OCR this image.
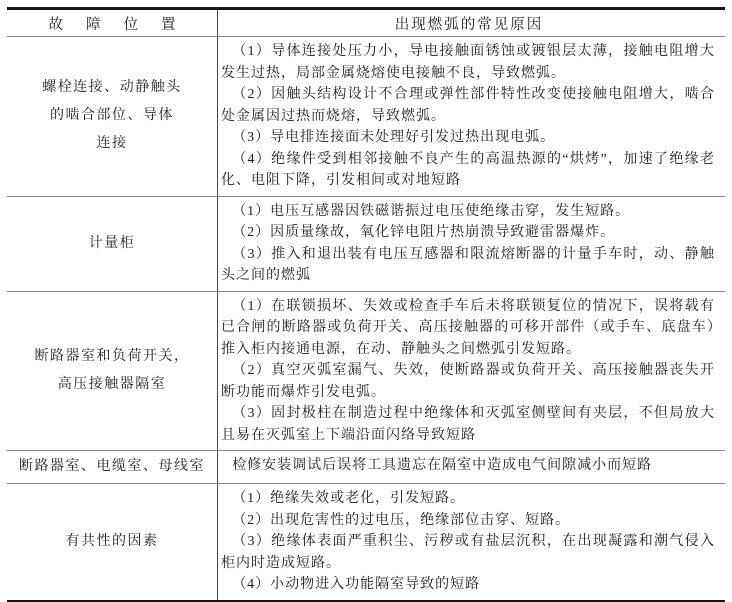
故障位置	出现燃弧的常见原因
螺栓连接、动静触头
的啮合部位、导体
连接

（1）导体连接处压力小，导电接触面锈蚀或镀银层太薄，接触电阻增大发生过热，局部金属烧熔使电接触不良，导致燃弧。

（2）因触头结构设计不合理或弹性部件特性改变使接触电阻增大，啮合处金属因过热而烧熔，导致燃弧。

（3）导电排连接面未处理好引发过热出现电弧。

（4）绝缘件受到相邻接触不良产生的高温热源的“烘烤”，加速了绝缘老化、电阻下降，引发相间或对地短路

计量柜

（1）电压互感器因铁磁谐振过电压使绝缘击穿，发生短路。

（2）因质量缘故，氧化锌电阻片热崩溃导致避雷器爆炸。

（3）推入和退出装有电压互感器和限流熔断器的计量手车时，动、静触头之间的燃弧

断路器室和负荷开关，
高压接触器隔室

（1）在联锁损坏、失效或检查手车后未将联锁复位的情况下，误将载有已合闸的断路器或负荷开关、高压接触器的可移开部件（或手车、底盘车）推入柜内接通电源，在动、静触头之间燃弧引发短路。

（2）真空灭弧室漏气、失效，使断路器或负荷开关、高压接触器丧失开断功能而爆炸引发电弧。

（3）固封极柱在制造过程中绝缘体和灭弧室侧壁间有夹层，不但局放大且易在灭弧室上下端沿面闪络导致短路

断路器室、电缆室、母线室	检修安装调试后误将工具遗忘在隔室中造成电气间隙减小而短路

有共性的因素

（1）绝缘失效或老化，引发短路。

（2）出现危害性的过电压，绝缘部位击穿、短路。

（3）绝缘体表面严重积尘、污秽或有盐层沉积，在出现凝露和潮气侵入柜内时造成短路。

（4）小动物进入功能隔室导致的短路
